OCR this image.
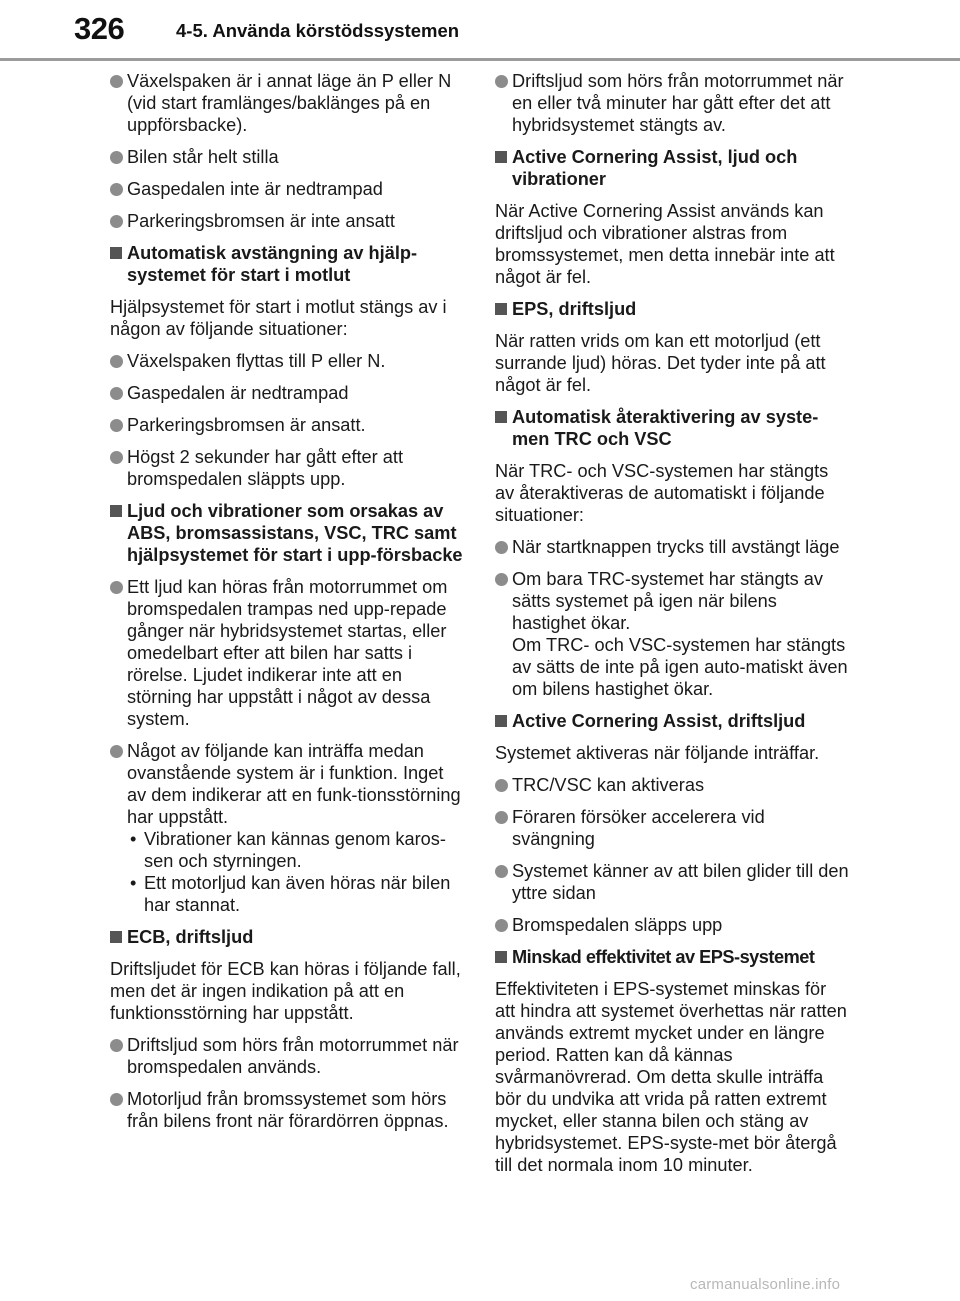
326	4-5. Använda körstödssystemen
Växelspaken är i annat läge än P eller N (vid start framlänges/baklänges på en uppförsbacke).
Bilen står helt stilla
Gaspedalen inte är nedtrampad
Parkeringsbromsen är inte ansatt
Automatisk avstängning av hjälp-systemet för start i motlut

Hjälpsystemet för start i motlut stängs av i någon av följande situationer:

Växelspaken flyttas till P eller N.
Gaspedalen är nedtrampad
Parkeringsbromsen är ansatt.
Högst 2 sekunder har gått efter att bromspedalen släppts upp.
Ljud och vibrationer som orsakas av ABS, bromsassistans, VSC, TRC samt hjälpsystemet för start i upp-försbacke
Ett ljud kan höras från motorrummet om bromspedalen trampas ned upp-repade gånger när hybridsystemet startas, eller omedelbart efter att bilen har satts i rörelse. Ljudet indikerar inte att en störning har uppstått i något av dessa system.
Något av följande kan inträffa medan ovanstående system är i funktion. Inget av dem indikerar att en funk-tionsstörning har uppstått.
• Vibrationer kan kännas genom karos-sen och styrningen.
• Ett motorljud kan även höras när bilen har stannat.
ECB, driftsljud

Driftsljudet för ECB kan höras i följande fall, men det är ingen indikation på att en funktionsstörning har uppstått.

Driftsljud som hörs från motorrummet när bromspedalen används.
Motorljud från bromssystemet som hörs från bilens front när förardörren öppnas.
Driftsljud som hörs från motorrummet när en eller två minuter har gått efter det att hybridsystemet stängts av.
Active Cornering Assist, ljud och vibrationer

När Active Cornering Assist används kan driftsljud och vibrationer alstras from bromssystemet, men detta innebär inte att något är fel.

EPS, driftsljud

När ratten vrids om kan ett motorljud (ett surrande ljud) höras. Det tyder inte på att något är fel.

Automatisk återaktivering av syste-men TRC och VSC

När TRC- och VSC-systemen har stängts av återaktiveras de automatiskt i följande situationer:

När startknappen trycks till avstängt läge
Om bara TRC-systemet har stängts av sätts systemet på igen när bilens hastighet ökar.
Om TRC- och VSC-systemen har stängts av sätts de inte på igen auto-matiskt även om bilens hastighet ökar.
Active Cornering Assist, driftsljud

Systemet aktiveras när följande inträffar.

TRC/VSC kan aktiveras
Föraren försöker accelerera vid svängning
Systemet känner av att bilen glider till den yttre sidan
Bromspedalen släpps upp
Minskad effektivitet av EPS-systemet

Effektiviteten i EPS-systemet minskas för att hindra att systemet överhettas när ratten används extremt mycket under en längre period. Ratten kan då kännas svårmanövrerad. Om detta skulle inträffa bör du undvika att vrida på ratten extremt mycket, eller stanna bilen och stäng av hybridsystemet. EPS-syste-met bör återgå till det normala inom 10 minuter.

carmanualsonline.info
